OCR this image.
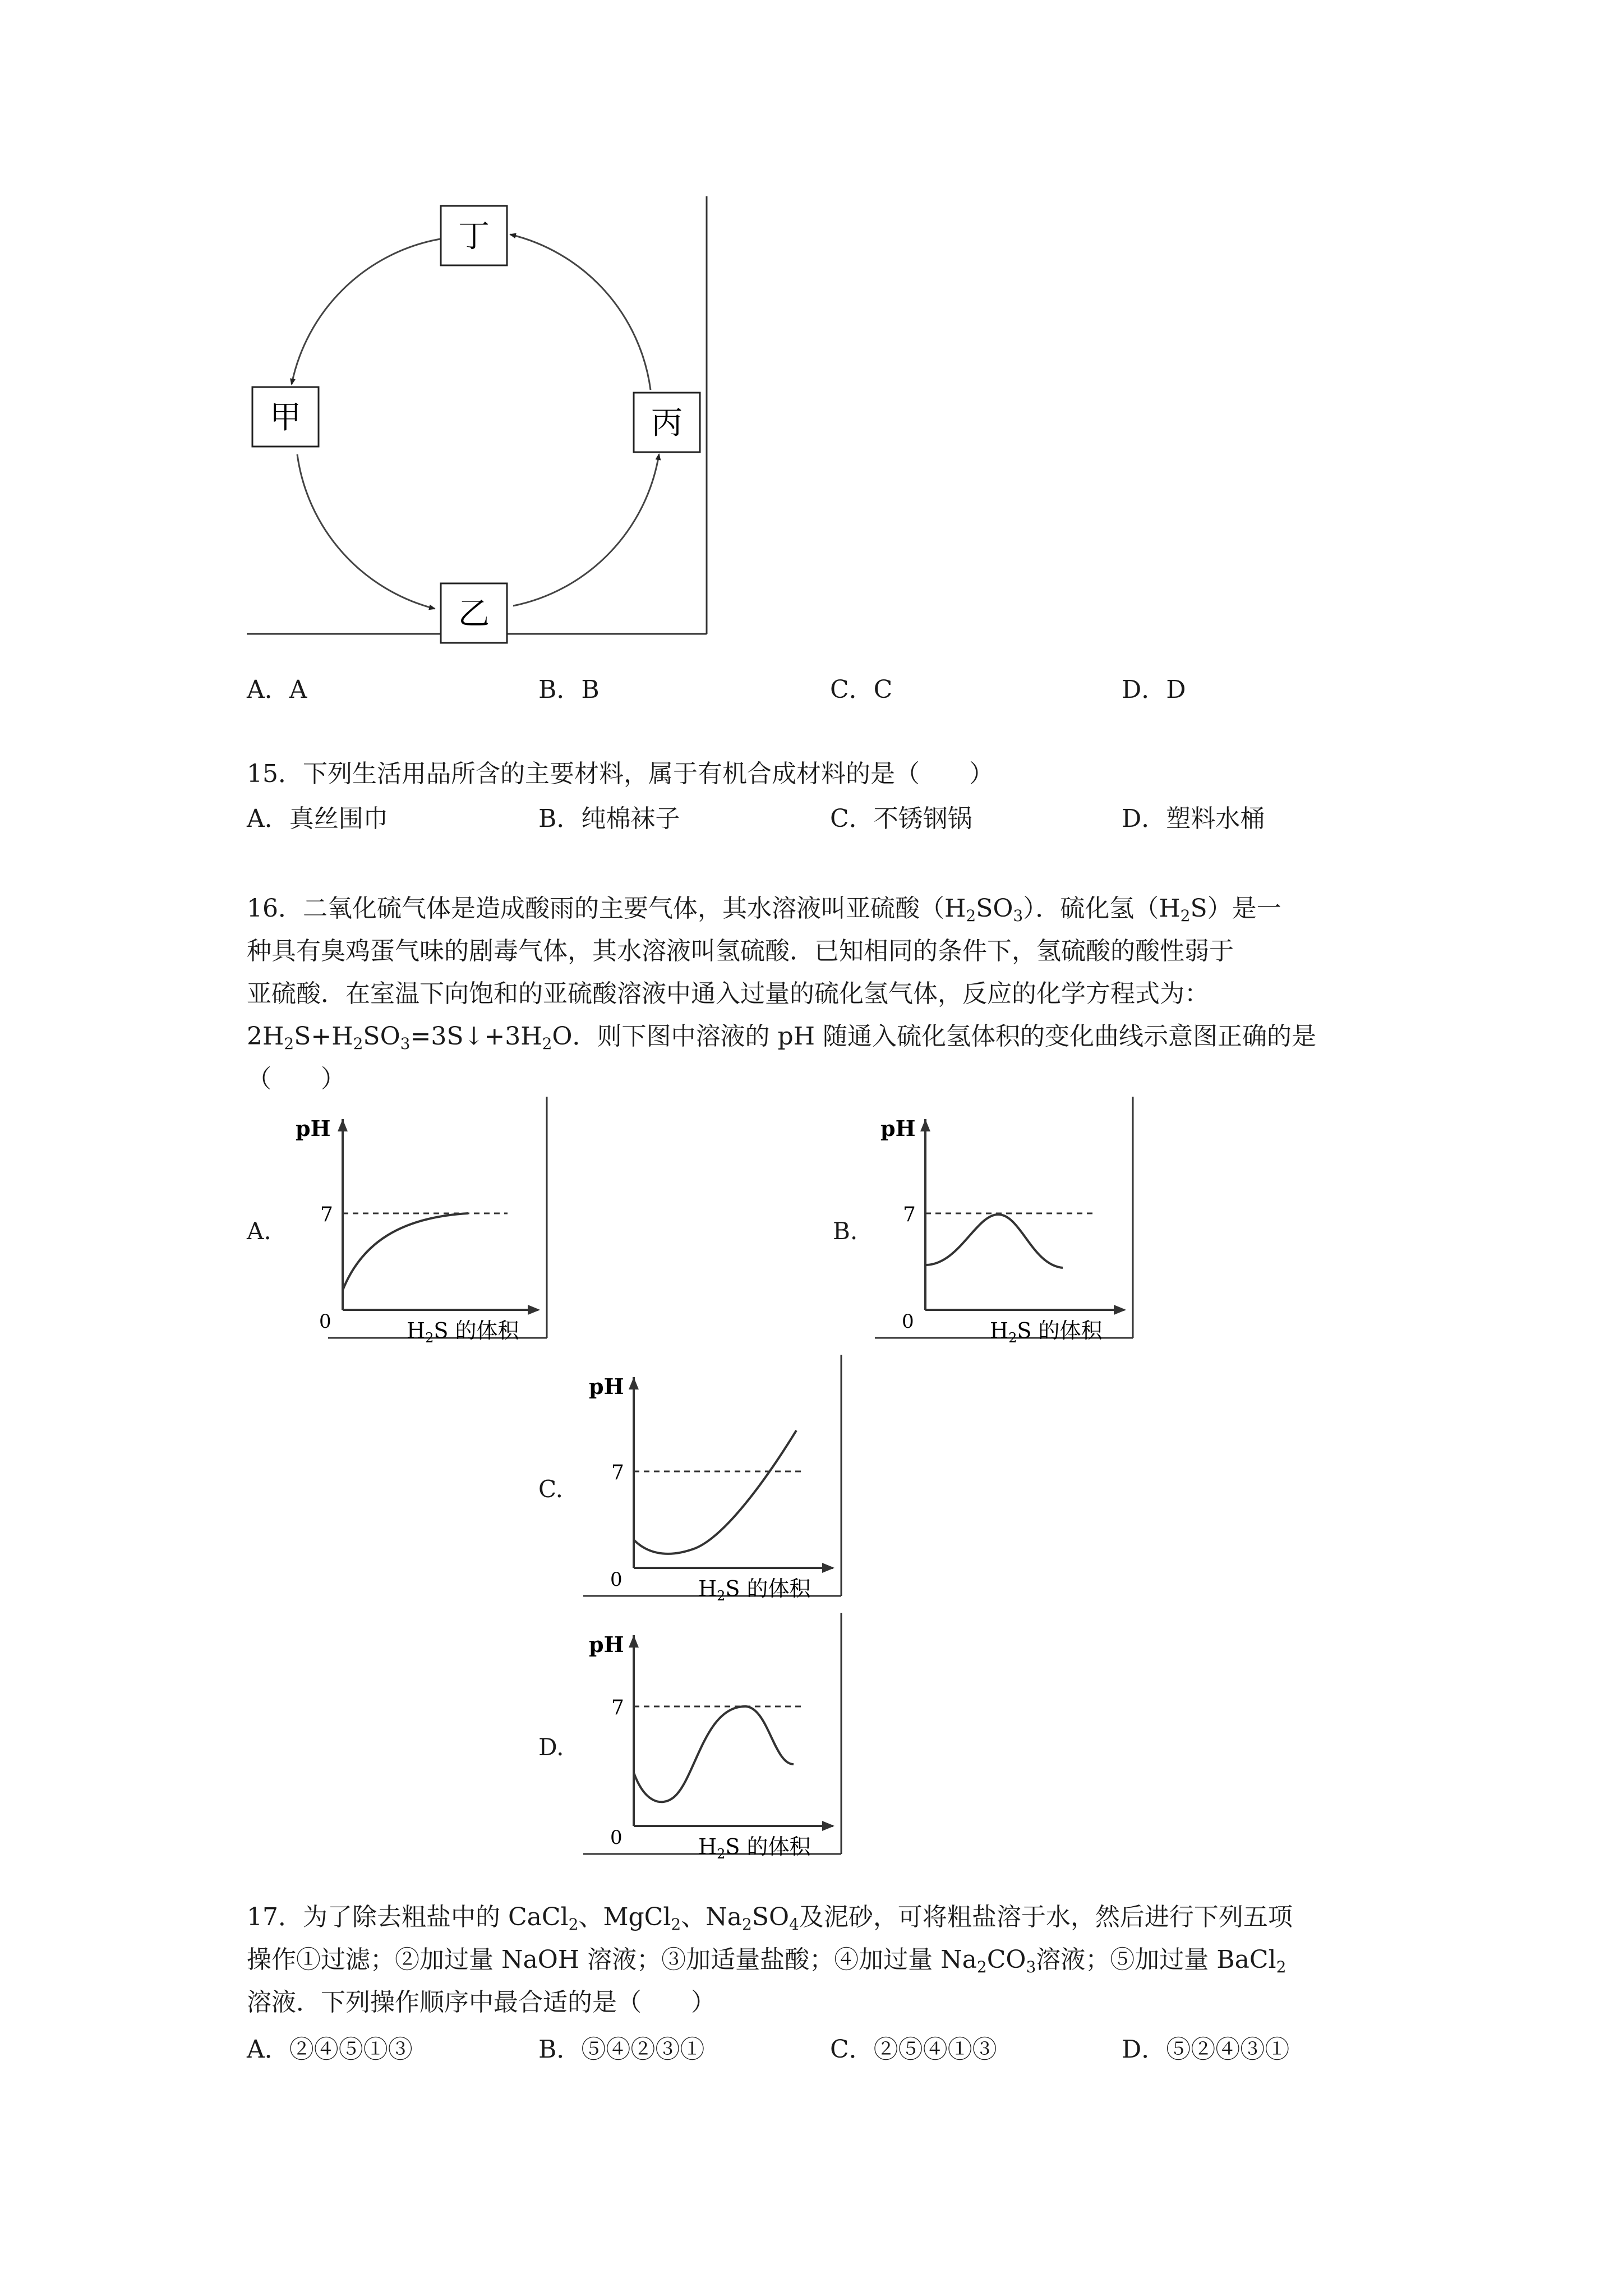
丁
甲	丙
乙
A．A	B．B	C．C	D．D
15．下列生活用品所含的主要材料，属于有机合成材料的是（　　）
A．真丝围巾	B．纯棉袜子	C．不锈钢锅	D．塑料水桶

16．二氧化硫气体是造成酸雨的主要气体，其水溶液叫亚硫酸$(H_2SO_3)$．硫化氢$(H_2S)$是一

种具有臭鸡蛋气味的剧毒气体，其水溶液叫氢硫酸．已知相同的条件下，氢硫酸的酸性弱于

亚硫酸．在室温下向饱和的亚硫酸溶液中通入过量的硫化氢气体，反应的化学方程式为：

$2H_2S+H_2SO_3=3S↓+3H_2O$．则下图中溶液的 pH 随通入硫化氢体积的变化曲线示意图正确的是

（　　）

A.
pH
7
0	$H_2S$ 的体积
B.
pH
7
0	$H_2S$ 的体积
C.
pH
7
0	$H_2S$ 的体积
D.
pH
7
0	$H_2S$ 的体积

17．为了除去粗盐中的 CaCl$_2$、MgCl$_2$、$Na_2SO_4$及泥砂，可将粗盐溶于水，然后进行下列五项

操作①过滤；②加过量 NaOH 溶液；③加适量盐酸；④加过量 $Na_2CO_3$溶液；⑤加过量 BaCl$_2$

溶液．下列操作顺序中最合适的是（　　）

A．②④⑤①③	B．⑤④②③①	C．②⑤④①③	D．⑤②④③①
